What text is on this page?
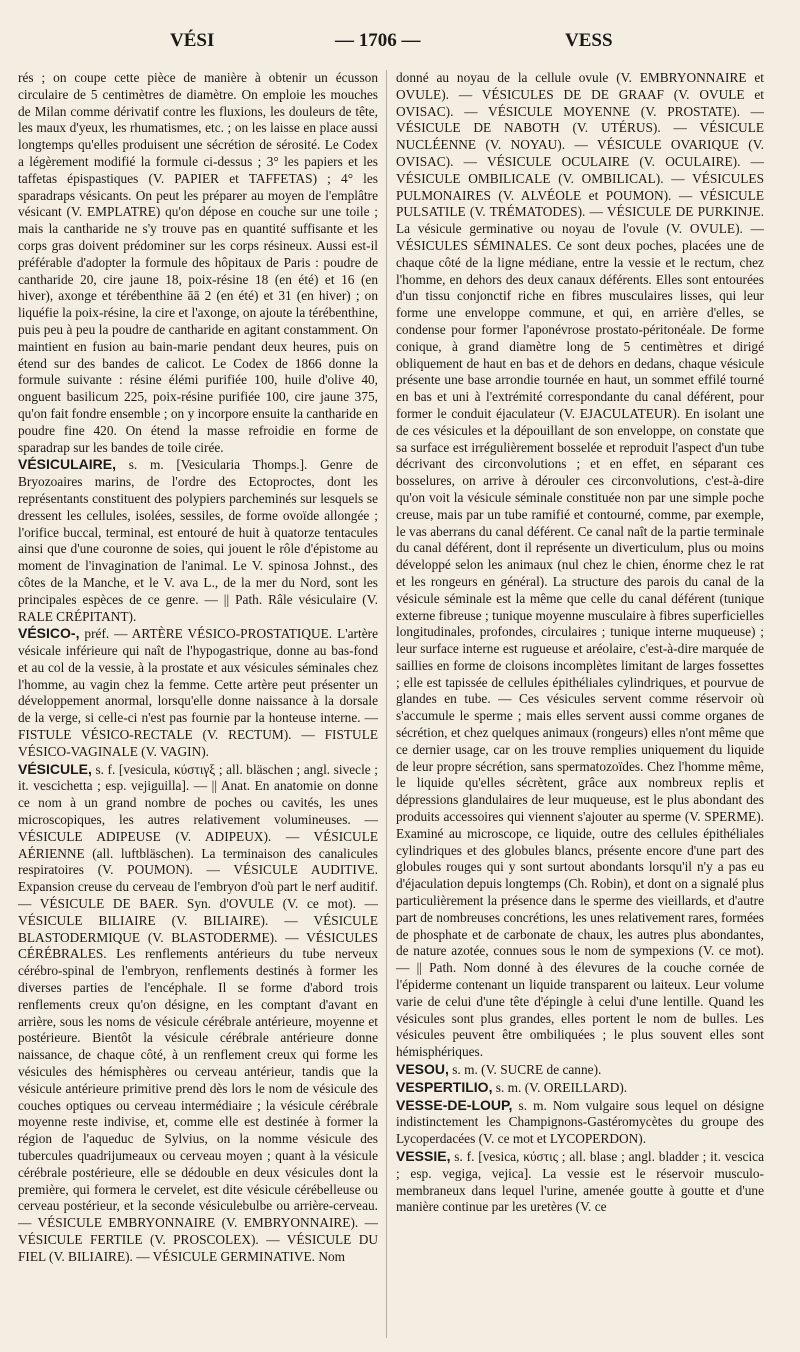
VÉSI	— 1706 —	VESS

rés ; on coupe cette pièce de manière à obtenir un écusson circulaire de 5 centimètres de diamètre. On emploie les mouches de Milan comme dérivatif contre les fluxions, les douleurs de tête, les maux d'yeux, les rhumatismes, etc. ; on les laisse en place aussi longtemps qu'elles produisent une sécrétion de sérosité. Le Codex a légèrement modifié la formule ci-dessus ; 3° les papiers et les taffetas épispastiques (V. PAPIER et TAFFETAS) ; 4° les sparadraps vésicants. On peut les préparer au moyen de l'emplâtre vésicant (V. EMPLATRE) qu'on dépose en couche sur une toile ; mais la cantharide ne s'y trouve pas en quantité suffisante et les corps gras doivent prédominer sur les corps résineux. Aussi est-il préférable d'adopter la formule des hôpitaux de Paris : poudre de cantharide 20, cire jaune 18, poix-résine 18 (en été) et 16 (en hiver), axonge et térébenthine āā 2 (en été) et 31 (en hiver) ; on liquéfie la poix-résine, la cire et l'axonge, on ajoute la térébenthine, puis peu à peu la poudre de cantharide en agitant constamment. On maintient en fusion au bain-marie pendant deux heures, puis on étend sur des bandes de calicot. Le Codex de 1866 donne la formule suivante : résine élémi purifiée 100, huile d'olive 40, onguent basilicum 225, poix-résine purifiée 100, cire jaune 375, qu'on fait fondre ensemble ; on y incorpore ensuite la cantharide en poudre fine 420. On étend la masse refroidie en forme de sparadrap sur les bandes de toile cirée.

VÉSICULAIRE, s. m. [Vesicularia Thomps.]. Genre de Bryozoaires marins, de l'ordre des Ectoproctes, dont les représentants constituent des polypiers parcheminés sur lesquels se dressent les cellules, isolées, sessiles, de forme ovoïde allongée ; l'orifice buccal, terminal, est entouré de huit à quatorze tentacules ainsi que d'une couronne de soies, qui jouent le rôle d'épistome au moment de l'invagination de l'animal. Le V. spinosa Johnst., des côtes de la Manche, et le V. ava L., de la mer du Nord, sont les principales espèces de ce genre. — || Path. Râle vésiculaire (V. RALE CRÉPITANT).

VÉSICO-, préf. — ARTÈRE VÉSICO-PROSTATIQUE. L'artère vésicale inférieure qui naît de l'hypogastrique, donne au bas-fond et au col de la vessie, à la prostate et aux vésicules séminales chez l'homme, au vagin chez la femme. Cette artère peut présenter un développement anormal, lorsqu'elle donne naissance à la dorsale de la verge, si celle-ci n'est pas fournie par la honteuse interne. — FISTULE VÉSICO-RECTALE (V. RECTUM). — FISTULE VÉSICO-VAGINALE (V. VAGIN).

VÉSICULE, s. f. [vesicula, κύστιγξ ; all. bläschen ; angl. sivecle ; it. vescichetta ; esp. vejiguilla]. — || Anat. En anatomie on donne ce nom à un grand nombre de poches ou cavités, les unes microscopiques, les autres relativement volumineuses. — VÉSICULE ADIPEUSE (V. ADIPEUX). — VÉSICULE AÉRIENNE (all. luftbläschen). La terminaison des canalicules respiratoires (V. POUMON). — VÉSICULE AUDITIVE. Expansion creuse du cerveau de l'embryon d'où part le nerf auditif. — VÉSICULE DE BAER. Syn. d'OVULE (V. ce mot). — VÉSICULE BILIAIRE (V. BILIAIRE). — VÉSICULE BLASTODERMIQUE (V. BLASTODERME). — VÉSICULES CÉRÉBRALES. Les renflements antérieurs du tube nerveux cérébro-spinal de l'embryon, renflements destinés à former les diverses parties de l'encéphale. Il se forme d'abord trois renflements creux qu'on désigne, en les comptant d'avant en arrière, sous les noms de vésicule cérébrale antérieure, moyenne et postérieure. Bientôt la vésicule cérébrale antérieure donne naissance, de chaque côté, à un renflement creux qui forme les vésicules des hémisphères ou cerveau antérieur, tandis que la vésicule antérieure primitive prend dès lors le nom de vésicule des couches optiques ou cerveau intermédiaire ; la vésicule cérébrale moyenne reste indivise, et, comme elle est destinée à former la région de l'aqueduc de Sylvius, on la nomme vésicule des tubercules quadrijumeaux ou cerveau moyen ; quant à la vésicule cérébrale postérieure, elle se dédouble en deux vésicules dont la première, qui formera le cervelet, est dite vésicule cérébelleuse ou cerveau postérieur, et la seconde vésiculebulbe ou arrière-cerveau. — VÉSICULE EMBRYONNAIRE (V. EMBRYONNAIRE). — VÉSICULE FERTILE (V. PROSCOLEX). — VÉSICULE DU FIEL (V. BILIAIRE). — VÉSICULE GERMINATIVE. Nom

donné au noyau de la cellule ovule (V. EMBRYONNAIRE et OVULE). — VÉSICULES DE DE GRAAF (V. OVULE et OVISAC). — VÉSICULE MOYENNE (V. PROSTATE). — VÉSICULE DE NABOTH (V. UTÉRUS). — VÉSICULE NUCLÉENNE (V. NOYAU). — VÉSICULE OVARIQUE (V. OVISAC). — VÉSICULE OCULAIRE (V. OCULAIRE). — VÉSICULE OMBILICALE (V. OMBILICAL). — VÉSICULES PULMONAIRES (V. ALVÉOLE et POUMON). — VÉSICULE PULSATILE (V. TRÉMATODES). — VÉSICULE DE PURKINJE. La vésicule germinative ou noyau de l'ovule (V. OVULE). — VÉSICULES SÉMINALES. Ce sont deux poches, placées une de chaque côté de la ligne médiane, entre la vessie et le rectum, chez l'homme, en dehors des deux canaux déférents. Elles sont entourées d'un tissu conjonctif riche en fibres musculaires lisses, qui leur forme une enveloppe commune, et qui, en arrière d'elles, se condense pour former l'aponévrose prostato-péritonéale. De forme conique, à grand diamètre long de 5 centimètres et dirigé obliquement de haut en bas et de dehors en dedans, chaque vésicule présente une base arrondie tournée en haut, un sommet effilé tourné en bas et uni à l'extrémité correspondante du canal déférent, pour former le conduit éjaculateur (V. EJACULATEUR). En isolant une de ces vésicules et la dépouillant de son enveloppe, on constate que sa surface est irrégulièrement bosselée et reproduit l'aspect d'un tube décrivant des circonvolutions ; et en effet, en séparant ces bosselures, on arrive à dérouler ces circonvolutions, c'est-à-dire qu'on voit la vésicule séminale constituée non par une simple poche creuse, mais par un tube ramifié et contourné, comme, par exemple, le vas aberrans du canal déférent. Ce canal naît de la partie terminale du canal déférent, dont il représente un diverticulum, plus ou moins développé selon les animaux (nul chez le chien, énorme chez le rat et les rongeurs en général). La structure des parois du canal de la vésicule séminale est la même que celle du canal déférent (tunique externe fibreuse ; tunique moyenne musculaire à fibres superficielles longitudinales, profondes, circulaires ; tunique interne muqueuse) ; leur surface interne est rugueuse et aréolaire, c'est-à-dire marquée de saillies en forme de cloisons incomplètes limitant de larges fossettes ; elle est tapissée de cellules épithéliales cylindriques, et pourvue de glandes en tube. — Ces vésicules servent comme réservoir où s'accumule le sperme ; mais elles servent aussi comme organes de sécrétion, et chez quelques animaux (rongeurs) elles n'ont même que ce dernier usage, car on les trouve remplies uniquement du liquide de leur propre sécrétion, sans spermatozoïdes. Chez l'homme même, le liquide qu'elles sécrètent, grâce aux nombreux replis et dépressions glandulaires de leur muqueuse, est le plus abondant des produits accessoires qui viennent s'ajouter au sperme (V. SPERME). Examiné au microscope, ce liquide, outre des cellules épithéliales cylindriques et des globules blancs, présente encore d'une part des globules rouges qui y sont surtout abondants lorsqu'il n'y a pas eu d'éjaculation depuis longtemps (Ch. Robin), et dont on a signalé plus particulièrement la présence dans le sperme des vieillards, et d'autre part de nombreuses concrétions, les unes relativement rares, formées de phosphate et de carbonate de chaux, les autres plus abondantes, de nature azotée, connues sous le nom de sympexions (V. ce mot). — || Path. Nom donné à des élevures de la couche cornée de l'épiderme contenant un liquide transparent ou laiteux. Leur volume varie de celui d'une tête d'épingle à celui d'une lentille. Quand les vésicules sont plus grandes, elles portent le nom de bulles. Les vésicules peuvent être ombiliquées ; le plus souvent elles sont hémisphériques.

VESOU, s. m. (V. SUCRE de canne).

VESPERTILIO, s. m. (V. OREILLARD).

VESSE-DE-LOUP, s. m. Nom vulgaire sous lequel on désigne indistinctement les Champignons-Gastéromycètes du groupe des Lycoperdacées (V. ce mot et LYCOPERDON).

VESSIE, s. f. [vesica, κύστις ; all. blase ; angl. bladder ; it. vescica ; esp. vegiga, vejica]. La vessie est le réservoir musculo-membraneux dans lequel l'urine, amenée goutte à goutte et d'une manière continue par les uretères (V. ce
